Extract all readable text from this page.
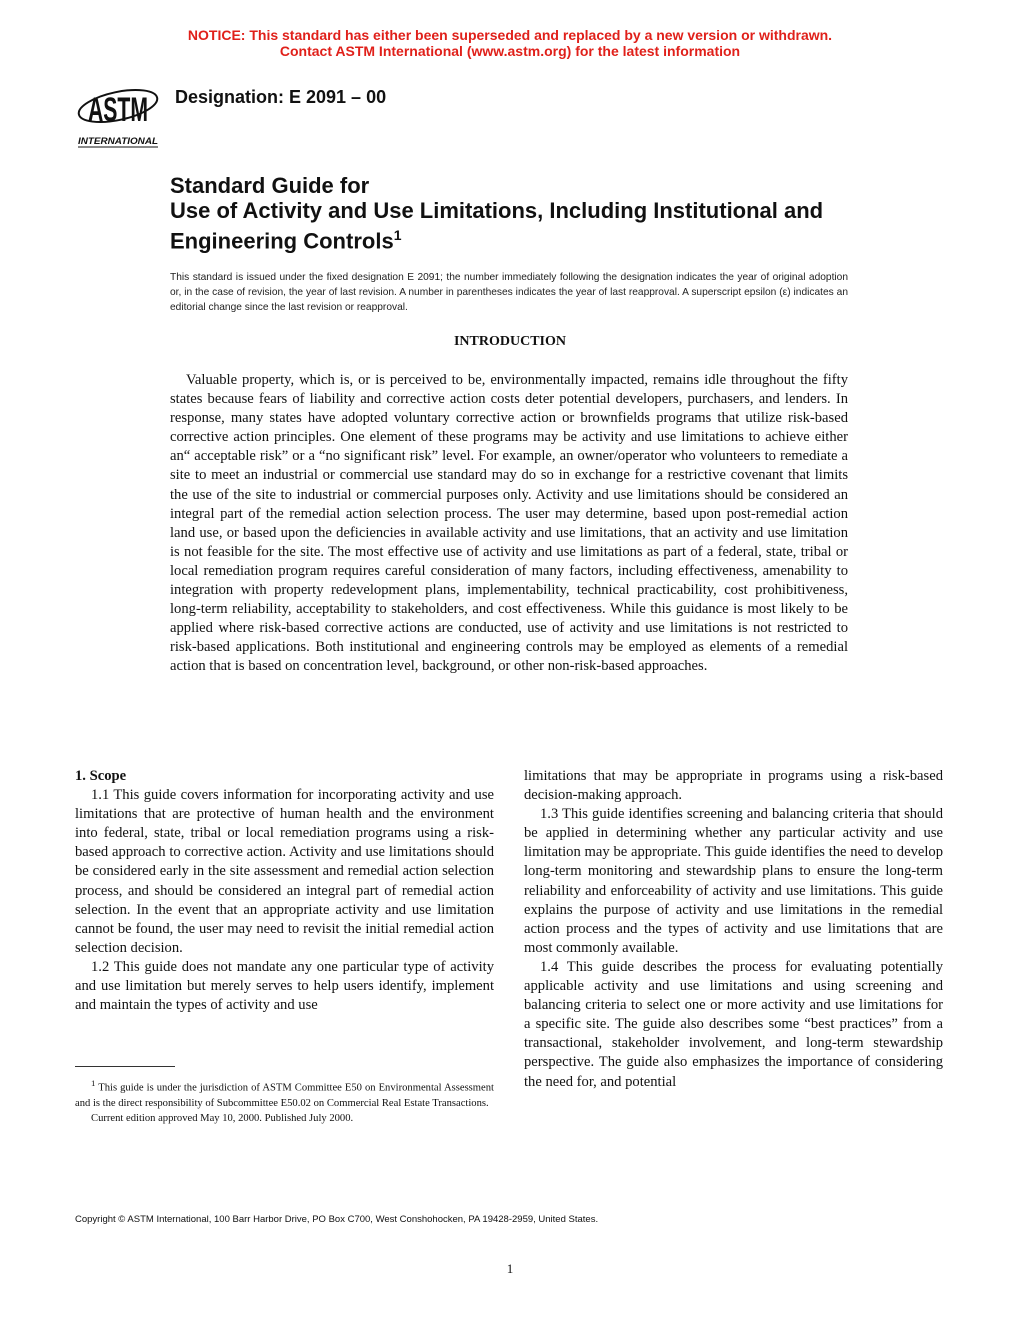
NOTICE: This standard has either been superseded and replaced by a new version or withdrawn.
Contact ASTM International (www.astm.org) for the latest information
ASTM
INTERNATIONAL
Designation: E 2091 – 00
Standard Guide for
Use of Activity and Use Limitations, Including Institutional and Engineering Controls$^1$
This standard is issued under the fixed designation E 2091; the number immediately following the designation indicates the year of original adoption or, in the case of revision, the year of last revision. A number in parentheses indicates the year of last reapproval. A superscript epsilon (ε) indicates an editorial change since the last revision or reapproval.
INTRODUCTION

Valuable property, which is, or is perceived to be, environmentally impacted, remains idle throughout the fifty states because fears of liability and corrective action costs deter potential developers, purchasers, and lenders. In response, many states have adopted voluntary corrective action or brownfields programs that utilize risk-based corrective action principles. One element of these programs may be activity and use limitations to achieve either an“ acceptable risk” or a “no significant risk” level. For example, an owner/operator who volunteers to remediate a site to meet an industrial or commercial use standard may do so in exchange for a restrictive covenant that limits the use of the site to industrial or commercial purposes only. Activity and use limitations should be considered an integral part of the remedial action selection process. The user may determine, based upon post-remedial action land use, or based upon the deficiencies in available activity and use limitations, that an activity and use limitation is not feasible for the site. The most effective use of activity and use limitations as part of a federal, state, tribal or local remediation program requires careful consideration of many factors, including effectiveness, amenability to integration with property redevelopment plans, implementability, technical practicability, cost prohibitiveness, long-term reliability, acceptability to stakeholders, and cost effectiveness. While this guidance is most likely to be applied where risk-based corrective actions are conducted, use of activity and use limitations is not restricted to risk-based applications. Both institutional and engineering controls may be employed as elements of a remedial action that is based on concentration level, background, or other non-risk-based approaches.

1. Scope

1.1 This guide covers information for incorporating activity and use limitations that are protective of human health and the environment into federal, state, tribal or local remediation programs using a risk-based approach to corrective action. Activity and use limitations should be considered early in the site assessment and remedial action selection process, and should be considered an integral part of remedial action selection. In the event that an appropriate activity and use limitation cannot be found, the user may need to revisit the initial remedial action selection decision.

1.2 This guide does not mandate any one particular type of activity and use limitation but merely serves to help users identify, implement and maintain the types of activity and use

limitations that may be appropriate in programs using a risk-based decision-making approach.

1.3 This guide identifies screening and balancing criteria that should be applied in determining whether any particular activity and use limitation may be appropriate. This guide identifies the need to develop long-term monitoring and stewardship plans to ensure the long-term reliability and enforceability of activity and use limitations. This guide explains the purpose of activity and use limitations in the remedial action process and the types of activity and use limitations that are most commonly available.

1.4 This guide describes the process for evaluating potentially applicable activity and use limitations and using screening and balancing criteria to select one or more activity and use limitations for a specific site. The guide also describes some “best practices” from a transactional, stakeholder involvement, and long-term stewardship perspective. The guide also emphasizes the importance of considering the need for, and potential

$^1$ This guide is under the jurisdiction of ASTM Committee E50 on Environmental Assessment and is the direct responsibility of Subcommittee E50.02 on Commercial Real Estate Transactions.

Current edition approved May 10, 2000. Published July 2000.

Copyright © ASTM International, 100 Barr Harbor Drive, PO Box C700, West Conshohocken, PA 19428-2959, United States.
1
